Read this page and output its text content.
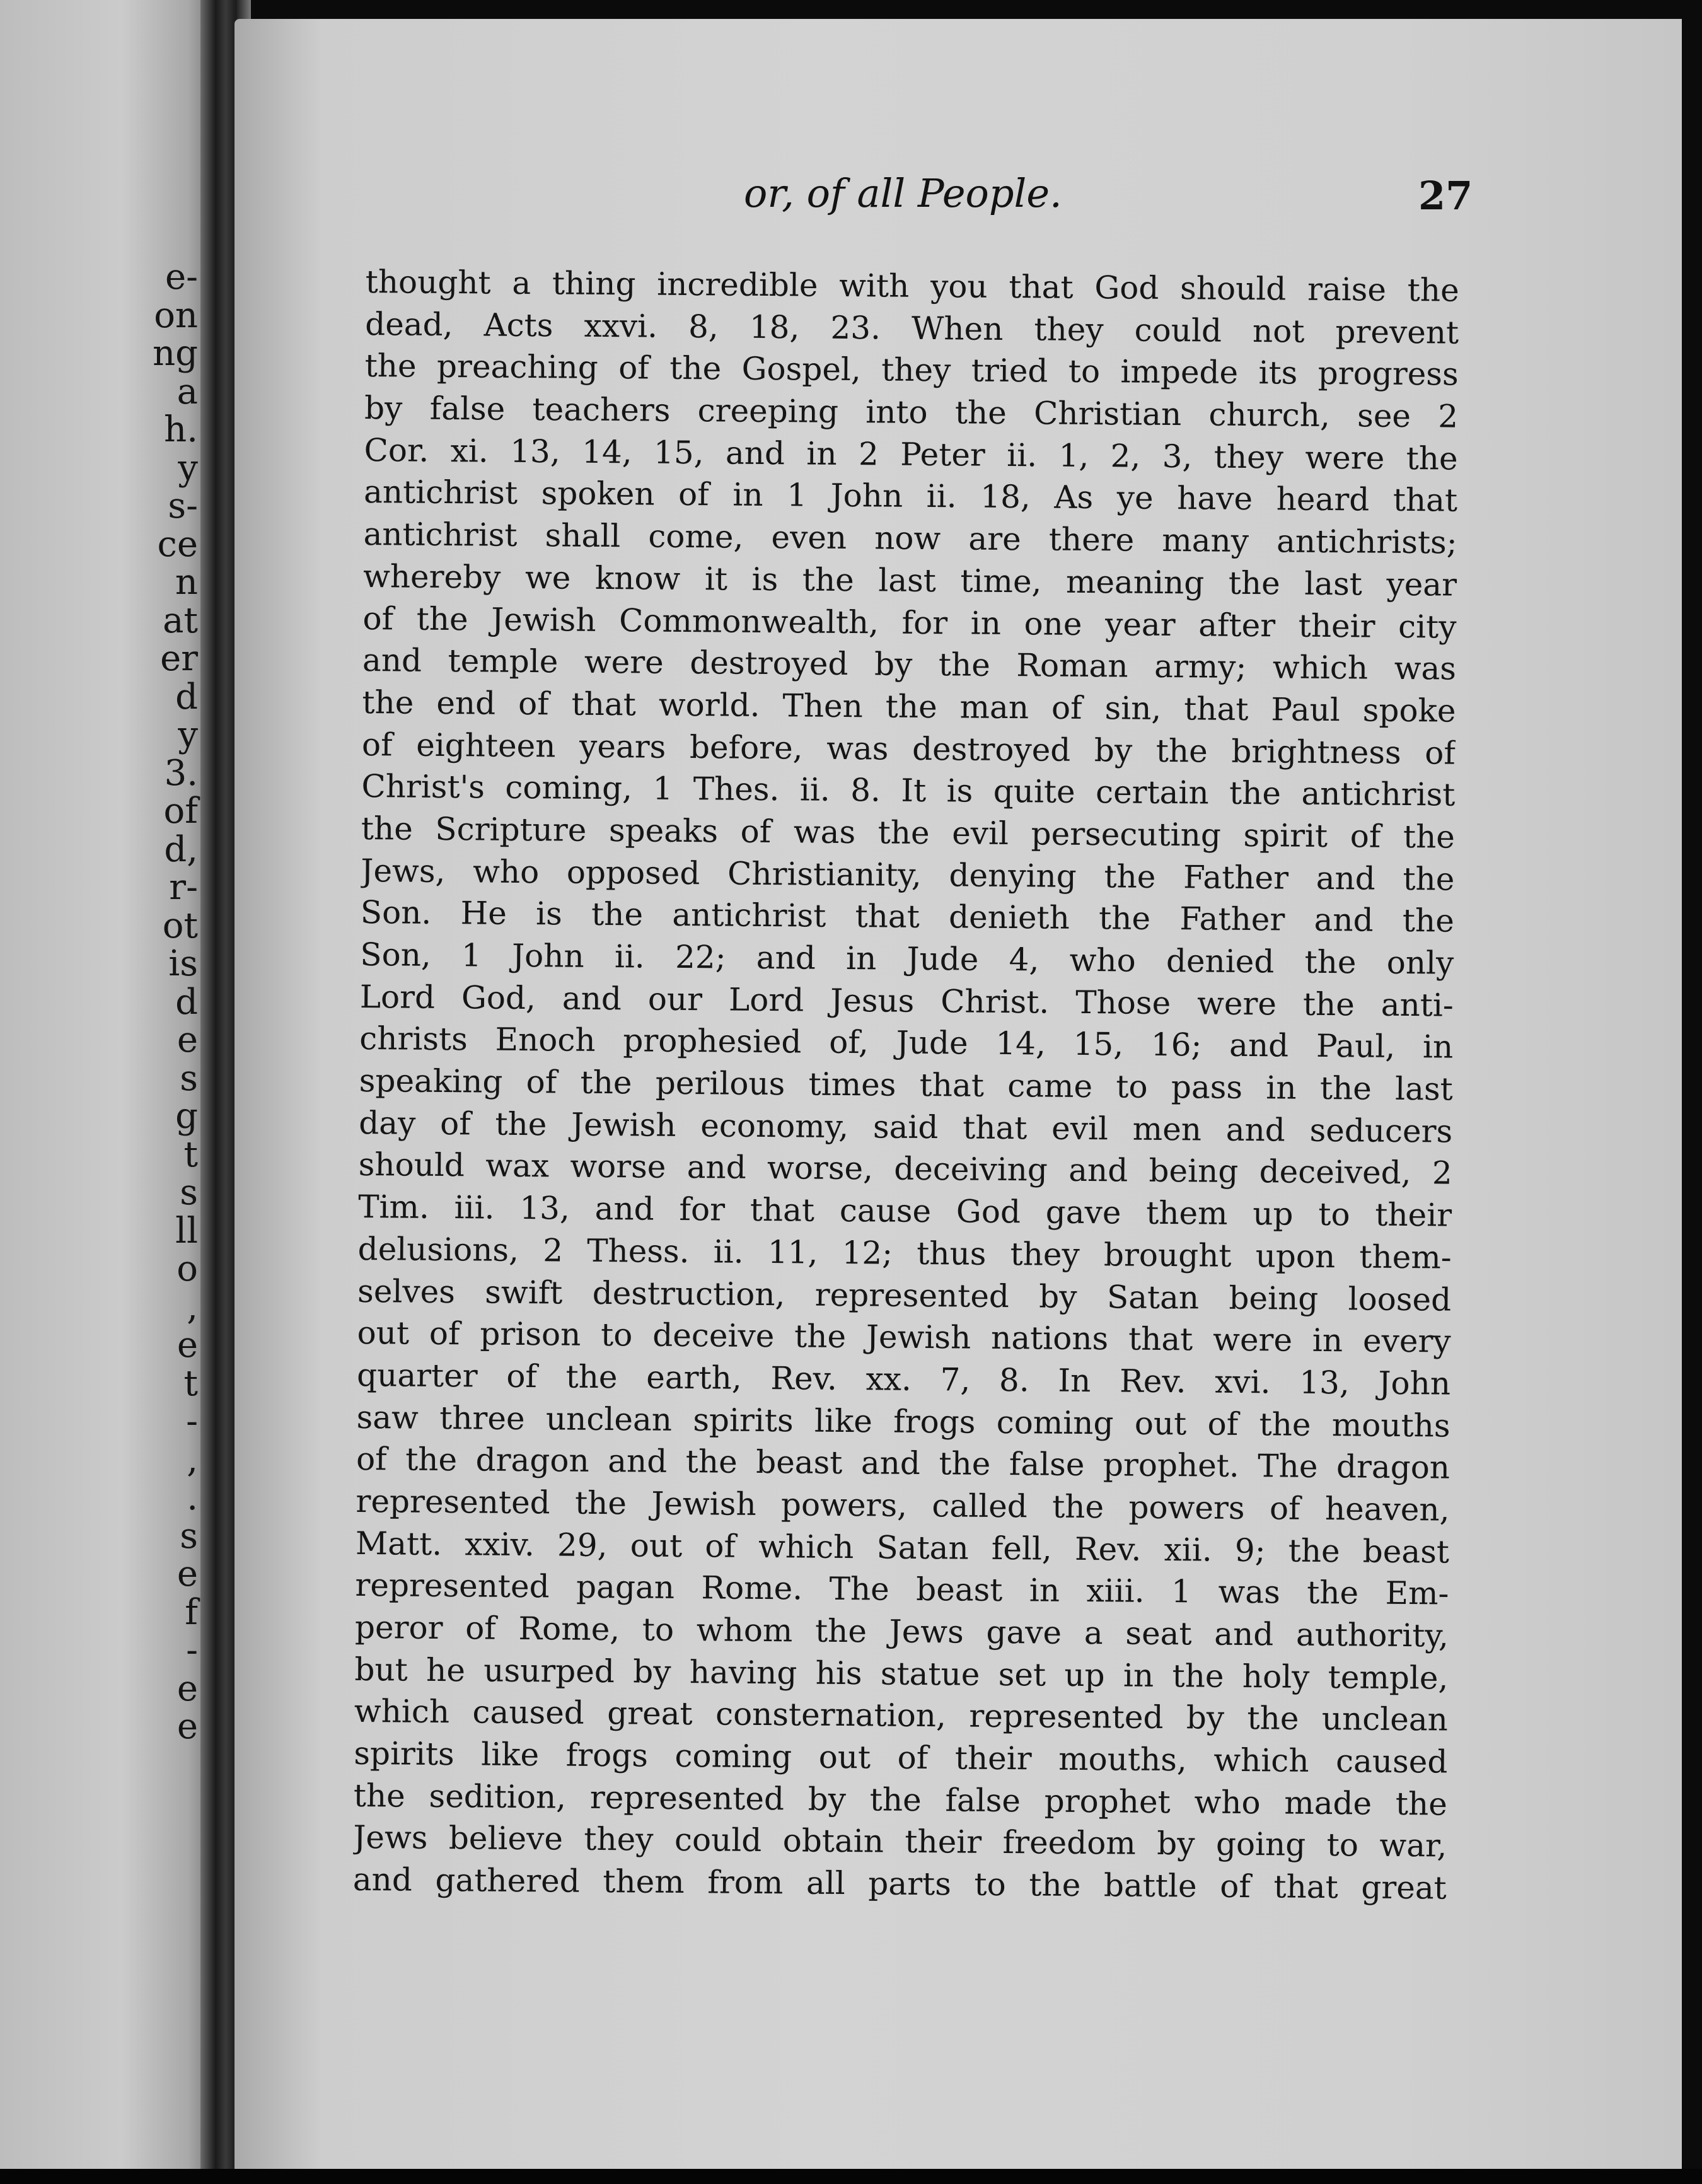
e-
on
ng
a
h.
y
s-
ce
n
at
er
d
y
3.
of
d,
r-
ot
is
d
e
s
g
t
s
ll
o
,
e
t
-
,
.
s
e
f
-
e
e
or, of all People.	27
thought a thing incredible with you that God should raise the
dead, Acts xxvi. 8, 18, 23. When they could not prevent
the preaching of the Gospel, they tried to impede its progress
by false teachers creeping into the Christian church, see 2
Cor. xi. 13, 14, 15, and in 2 Peter ii. 1, 2, 3, they were the
antichrist spoken of in 1 John ii. 18, As ye have heard that
antichrist shall come, even now are there many antichrists;
whereby we know it is the last time, meaning the last year
of the Jewish Commonwealth, for in one year after their city
and temple were destroyed by the Roman army; which was
the end of that world. Then the man of sin, that Paul spoke
of eighteen years before, was destroyed by the brightness of
Christ's coming, 1 Thes. ii. 8. It is quite certain the antichrist
the Scripture speaks of was the evil persecuting spirit of the
Jews, who opposed Christianity, denying the Father and the
Son. He is the antichrist that denieth the Father and the
Son, 1 John ii. 22; and in Jude 4, who denied the only
Lord God, and our Lord Jesus Christ. Those were the anti-
christs Enoch prophesied of, Jude 14, 15, 16; and Paul, in
speaking of the perilous times that came to pass in the last
day of the Jewish economy, said that evil men and seducers
should wax worse and worse, deceiving and being deceived, 2
Tim. iii. 13, and for that cause God gave them up to their
delusions, 2 Thess. ii. 11, 12; thus they brought upon them-
selves swift destruction, represented by Satan being loosed
out of prison to deceive the Jewish nations that were in every
quarter of the earth, Rev. xx. 7, 8. In Rev. xvi. 13, John
saw three unclean spirits like frogs coming out of the mouths
of the dragon and the beast and the false prophet. The dragon
represented the Jewish powers, called the powers of heaven,
Matt. xxiv. 29, out of which Satan fell, Rev. xii. 9; the beast
represented pagan Rome. The beast in xiii. 1 was the Em-
peror of Rome, to whom the Jews gave a seat and authority,
but he usurped by having his statue set up in the holy temple,
which caused great consternation, represented by the unclean
spirits like frogs coming out of their mouths, which caused
the sedition, represented by the false prophet who made the
Jews believe they could obtain their freedom by going to war,
and gathered them from all parts to the battle of that great
